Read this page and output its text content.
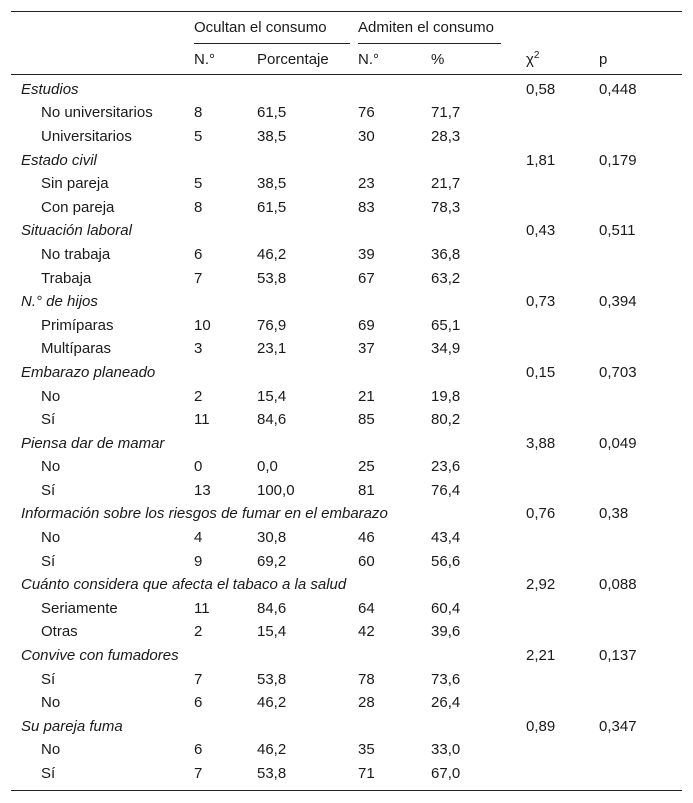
	Ocultan el consumo		Admiten el consumo			

	N.°	Porcentaje	N.°	%	$\chi^2$	p
Estudios					0,58	0,448
No universitarios	8	61,5	76	71,7		
Universitarios	5	38,5	30	28,3		
Estado civil					1,81	0,179
Sin pareja	5	38,5	23	21,7		
Con pareja	8	61,5	83	78,3		
Situación laboral					0,43	0,511
No trabaja	6	46,2	39	36,8		
Trabaja	7	53,8	67	63,2		
N.° de hijos					0,73	0,394
Primíparas	10	76,9	69	65,1		
Multíparas	3	23,1	37	34,9		
Embarazo planeado					0,15	0,703
No	2	15,4	21	19,8		
Sí	11	84,6	85	80,2		
Piensa dar de mamar					3,88	0,049
No	0	0,0	25	23,6		
Sí	13	100,0	81	76,4		
Información sobre los riesgos de fumar en el embarazo					0,76	0,38
No	4	30,8	46	43,4		
Sí	9	69,2	60	56,6		
Cuánto considera que afecta el tabaco a la salud					2,92	0,088
Seriamente	11	84,6	64	60,4		
Otras	2	15,4	42	39,6		
Convive con fumadores					2,21	0,137
Sí	7	53,8	78	73,6		
No	6	46,2	28	26,4		
Su pareja fuma					0,89	0,347
No	6	46,2	35	33,0		
Sí	7	53,8	71	67,0		
